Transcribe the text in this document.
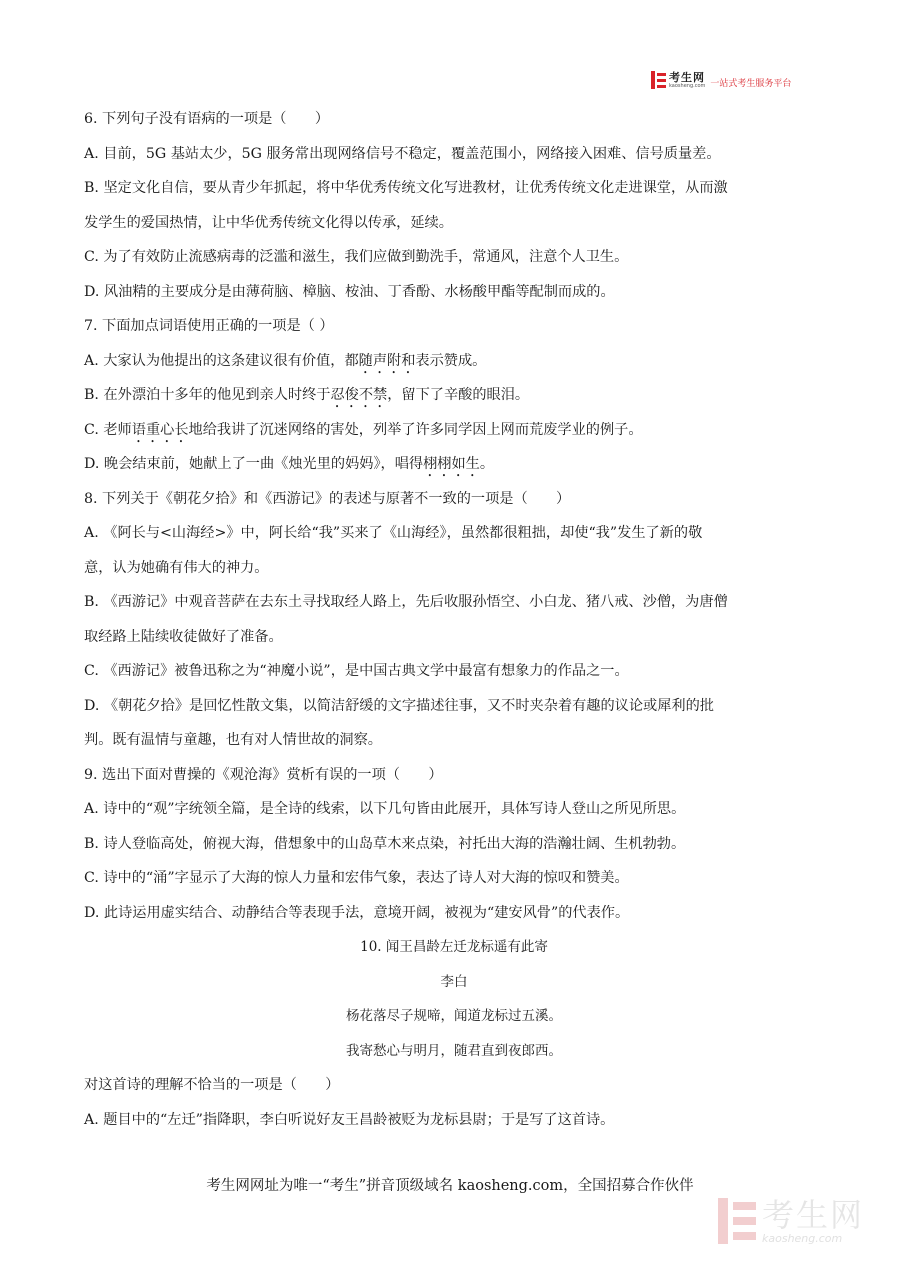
考生网
kaosheng.com 一站式考生服务平台
6. 下列句子没有语病的一项是（　　）
A. 目前，5G 基站太少，5G 服务常出现网络信号不稳定，覆盖范围小，网络接入困难、信号质量差。
B. 坚定文化自信，要从青少年抓起，将中华优秀传统文化写进教材，让优秀传统文化走进课堂，从而激
发学生的爱国热情，让中华优秀传统文化得以传承，延续。
C. 为了有效防止流感病毒的泛滥和滋生，我们应做到勤洗手，常通风，注意个人卫生。
D. 风油精的主要成分是由薄荷脑、樟脑、桉油、丁香酚、水杨酸甲酯等配制而成的。
7. 下面加点词语使用正确的一项是（ ）
A. 大家认为他提出的这条建议很有价值，都随声附和表示赞成。
B. 在外漂泊十多年的他见到亲人时终于忍俊不禁，留下了辛酸的眼泪。
C. 老师语重心长地给我讲了沉迷网络的害处，列举了许多同学因上网而荒废学业的例子。
D. 晚会结束前，她献上了一曲《烛光里的妈妈》，唱得栩栩如生。
8. 下列关于《朝花夕拾》和《西游记》的表述与原著不一致的一项是（　　）
A. 《阿长与<山海经>》中，阿长给“我”买来了《山海经》，虽然都很粗拙，却使“我”发生了新的敬
意，认为她确有伟大的神力。
B. 《西游记》中观音菩萨在去东土寻找取经人路上，先后收服孙悟空、小白龙、猪八戒、沙僧，为唐僧
取经路上陆续收徒做好了准备。
C. 《西游记》被鲁迅称之为“神魔小说”，是中国古典文学中最富有想象力的作品之一。
D. 《朝花夕拾》是回忆性散文集，以简洁舒缓的文字描述往事，又不时夹杂着有趣的议论或犀利的批
判。既有温情与童趣，也有对人情世故的洞察。
9. 选出下面对曹操的《观沧海》赏析有误的一项（　　）
A. 诗中的“观”字统领全篇，是全诗的线索，以下几句皆由此展开，具体写诗人登山之所见所思。
B. 诗人登临高处，俯视大海，借想象中的山岛草木来点染，衬托出大海的浩瀚壮阔、生机勃勃。
C. 诗中的“涌”字显示了大海的惊人力量和宏伟气象，表达了诗人对大海的惊叹和赞美。
D. 此诗运用虚实结合、动静结合等表现手法，意境开阔，被视为“建安风骨”的代表作。
10. 闻王昌龄左迁龙标遥有此寄
李白
杨花落尽子规啼，闻道龙标过五溪。
我寄愁心与明月，随君直到夜郎西。
对这首诗的理解不恰当的一项是（　　）
A. 题目中的“左迁”指降职，李白听说好友王昌龄被贬为龙标县尉；于是写了这首诗。
考生网网址为唯一“考生”拼音顶级域名 kaosheng.com，全国招募合作伙伴
考生网
kaosheng.com
